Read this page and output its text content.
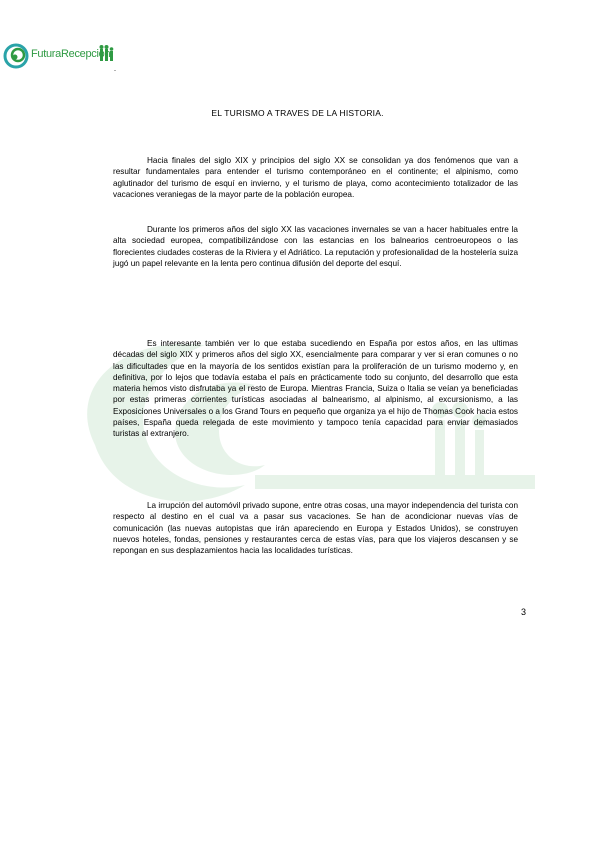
FuturaRecepcion
-
EL TURISMO A TRAVES DE LA HISTORIA.

Hacia finales del siglo XIX y principios del siglo XX se consolidan ya dos fenómenos que van a resultar fundamentales para entender el turismo contemporáneo en el continente; el alpinismo, como aglutinador del turismo de esquí en invierno, y el turismo de playa, como acontecimiento totalizador de las vacaciones veraniegas de la mayor parte de la población europea.

Durante los primeros años del siglo XX las vacaciones invernales se van a hacer habituales entre la alta sociedad europea, compatibilizándose con las estancias en los balnearios centroeuropeos o las florecientes ciudades costeras de la Riviera y el Adriático. La reputación y profesionalidad de la hostelería suiza jugó un papel relevante en la lenta pero continua difusión del deporte del esquí.

Es interesante también ver lo que estaba sucediendo en España por estos años, en las ultimas décadas del siglo XIX y primeros años del siglo XX, esencialmente para comparar y ver si eran comunes o no las dificultades que en la mayoría de los sentidos existían para la proliferación de un turismo moderno y, en definitiva, por lo lejos que todavía estaba el país en prácticamente todo su conjunto, del desarrollo que esta materia hemos visto disfrutaba ya el resto de Europa. Mientras Francia, Suiza o Italia se veían ya beneficiadas por estas primeras corrientes turísticas asociadas al balnearismo, al alpinismo, al excursionismo, a las Exposiciones Universales o a los Grand Tours en pequeño que organiza ya el hijo de Thomas Cook hacia estos países, España queda relegada de este movimiento y tampoco tenía capacidad para enviar demasiados turistas al extranjero.

La irrupción del automóvil privado supone, entre otras cosas, una mayor independencia del turista con respecto al destino en el cual va a pasar sus vacaciones. Se han de acondicionar nuevas vías de comunicación (las nuevas autopistas que irán apareciendo en Europa y Estados Unidos), se construyen nuevos hoteles, fondas, pensiones y restaurantes cerca de estas vías, para que los viajeros descansen y se repongan en sus desplazamientos hacia las localidades turísticas.

3
